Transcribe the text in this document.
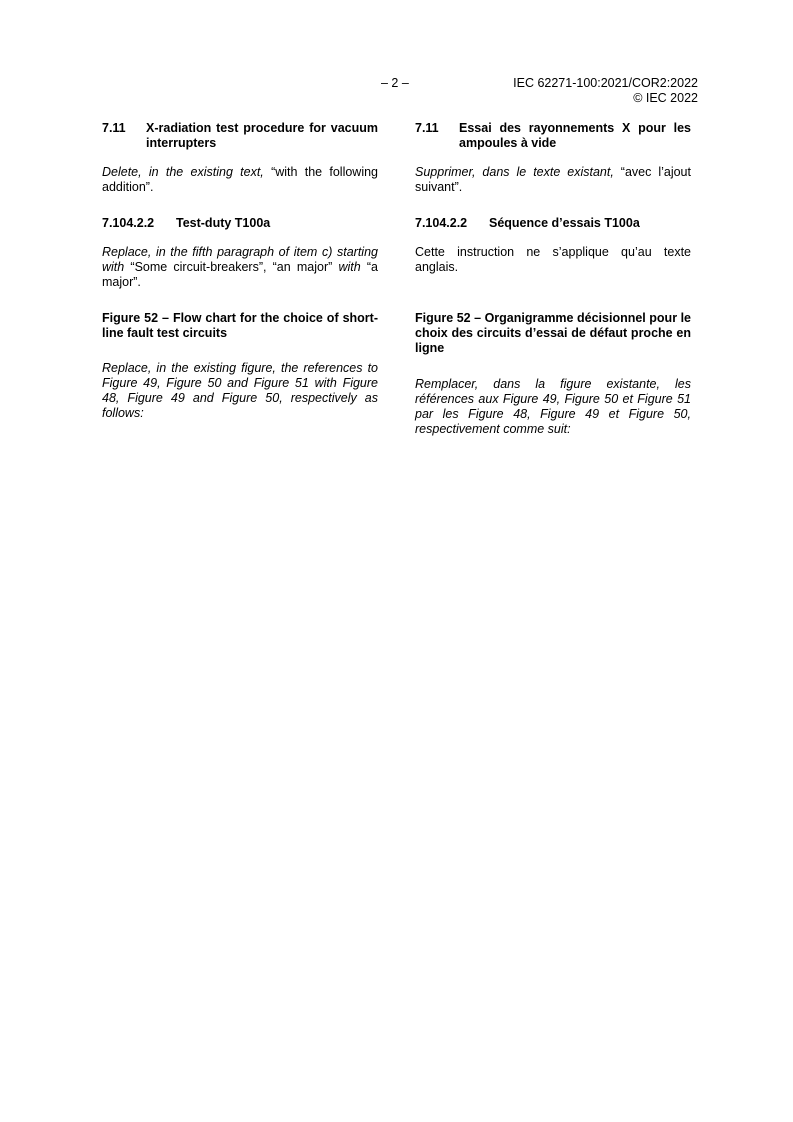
– 2 –	IEC 62271-100:2021/COR2:2022
© IEC 2022
7.11	X-radiation test procedure for vacuum interrupters
Delete, in the existing text, “with the following addition”.
7.104.2.2	Test-duty T100a
Replace, in the fifth paragraph of item c) starting with “Some circuit-breakers”, “an major” with “a major”.
Figure 52 – Flow chart for the choice of short-line fault test circuits
Replace, in the existing figure, the references to Figure 49, Figure 50 and Figure 51 with Figure 48, Figure 49 and Figure 50, respectively as follows:
7.11	Essai des rayonnements X pour les ampoules à vide
Supprimer, dans le texte existant, “avec l’ajout suivant”.
7.104.2.2	Séquence d’essais T100a
Cette instruction ne s’applique qu’au texte anglais.
Figure 52 – Organigramme décisionnel pour le choix des circuits d’essai de défaut proche en ligne
Remplacer, dans la figure existante, les références aux Figure 49, Figure 50 et Figure 51 par les Figure 48, Figure 49 et Figure 50, respectivement comme suit:
